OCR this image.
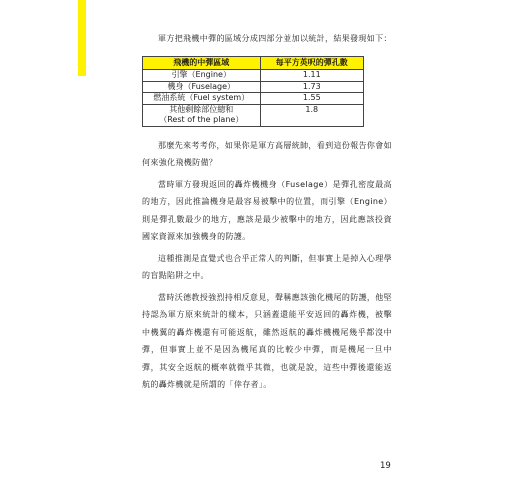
軍方把飛機中彈的區域分成四部分並加以統計，結果發現如下：

飛機的中彈區域	每平方英呎的彈孔數
引擎（Engine）	1.11
機身（Fuselage）	1.73
燃油系統（Fuel system）	1.55
其他剩餘部位總和
（Rest of the plane）	1.8

那麼先來考考你，如果你是軍方高層統帥，看到這份報告你會如何來強化飛機防備？

當時軍方發現返回的轟炸機機身（Fuselage）是彈孔密度最高的地方，因此推論機身是最容易被擊中的位置，而引擎（Engine）則是彈孔數最少的地方，應該是最少被擊中的地方，因此應該投資國家資源來加強機身的防護。

這種推測是直覺式也合乎正常人的判斷，但事實上是掉入心理學的盲點陷阱之中。

當時沃德教授強烈持相反意見，聲稱應該強化機尾的防護，他堅持認為軍方原來統計的樣本，只涵蓋還能平安返回的轟炸機，被擊中機翼的轟炸機還有可能返航，雖然返航的轟炸機機尾幾乎都沒中彈，但事實上並不是因為機尾真的比較少中彈，而是機尾一旦中彈，其安全返航的概率就微乎其微，也就是說，這些中彈後還能返航的轟炸機就是所謂的「倖存者」。

19
